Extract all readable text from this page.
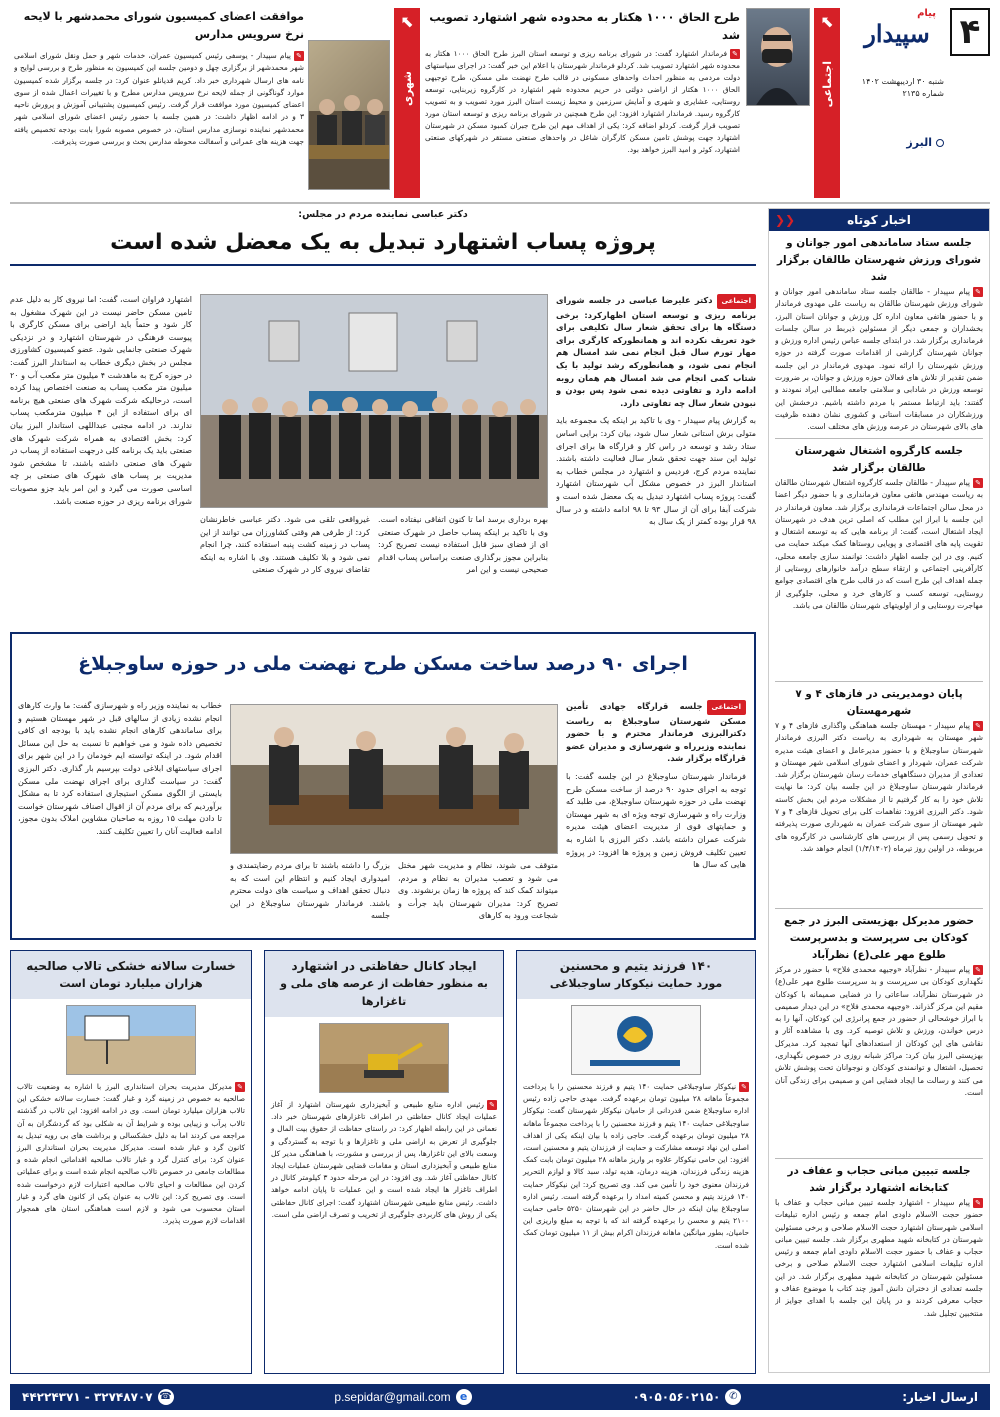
۴
پیام
سپیدار
شنبه ۳۰ اردیبهشت ۱۴۰۲
شماره ۲۱۳۵
البرز
⬉
اجتماعی
طرح الحاق ۱۰۰۰ هکتار به محدوده شهر اشتهارد تصویب شد
✎فرماندار اشتهارد گفت: در شورای برنامه ریزی و توسعه استان البرز طرح الحاق ۱۰۰۰ هکتار به محدوده شهر اشتهارد تصویب شد. کردلو فرماندار شهرستان با اعلام این خبر گفت: در اجرای سیاستهای دولت مردمی به منظور احداث واحدهای مسکونی در قالب طرح نهضت ملی مسکن، طرح توجیهی الحاق ۱۰۰۰ هکتار از اراضی دولتی در حریم محدوده شهر اشتهارد در کارگروه زیربنایی، توسعه روستایی، عشایری و شهری و آمایش سرزمین و محیط زیست استان البرز مورد تصویب و به تصویب کارگروه رسید. فرماندار اشتهارد افزود: این طرح همچنین در شورای برنامه ریزی و توسعه استان مورد تصویب قرار گرفت. کردلو اضافه کرد: یکی از اهداف مهم این طرح جبران کمبود مسکن در شهرستان اشتهارد جهت پوشش تامین مسکن کارگران شاغل در واحدهای صنعتی مستقر در شهرکهای صنعتی اشتهارد، کوثر و امید البرز خواهد بود.
⬉
شهری
موافقت اعضای کمیسیون شورای محمدشهر با لایحه نرخ سرویس مدارس
✎پیام سپیدار - یوسفی رئیس کمیسیون عمران، خدمات شهر و حمل ونقل شورای اسلامی شهر محمدشهر از برگزاری چهل و دومین جلسه این کمیسیون به منظور طرح و بررسی لوایح و نامه های ارسال شهرداری خبر داد. کریم قدیانلو عنوان کرد: در جلسه برگزار شده کمیسیون موارد گوناگونی از جمله لایحه نرخ سرویس مدارس مطرح و با تغییرات اعمال شده از سوی اعضای کمیسیون مورد موافقت قرار گرفت. رئیس کمیسیون پشتیبانی آموزش و پرورش ناحیه ۳ و در ادامه اظهار داشت: در همین جلسه با حضور رئیس اعضای شورای اسلامی شهر محمدشهر نماینده نوسازی مدارس استان، در خصوص مصوبه شورا بابت بودجه تخصیص یافته جهت هزینه های عمرانی و آسفالت محوطه مدارس بحث و بررسی صورت پذیرفت.
❮❮	اخبار کوتاه
جلسه ستاد ساماندهی امور جوانان و شورای ورزش شهرستان طالقان برگزار شد
✎پیام سپیدار - طالقان جلسه ستاد ساماندهی امور جوانان و شورای ورزش شهرستان طالقان به ریاست علی مهدوی فرماندار و با حضور هاتفی معاون اداره کل ورزش و جوانان استان البرز، بخشداران و جمعی دیگر از مسئولین ذیربط در سالن جلسات فرمانداری برگزار شد. در ابتدای جلسه عباس رئیس اداره ورزش و جوانان شهرستان گزارشی از اقدامات صورت گرفته در حوزه ورزش شهرستان را ارائه نمود. مهدوی فرماندار در این جلسه ضمن تقدیر از تلاش های فعالان حوزه ورزش و جوانان، بر ضرورت توسعه ورزش در شادابی و سلامتی جامعه مطالبی ایراد نمودند و گفتند: باید ارتباط مستمر با مردم داشته باشیم. درخشش این ورزشکاران در مسابقات استانی و کشوری نشان دهنده ظرفیت های بالای شهرستان در عرصه ورزش های مختلف است.
جلسه کارگروه اشتغال شهرستان طالقان برگزار شد
✎پیام سپیدار - طالقان جلسه کارگروه اشتغال شهرستان طالقان به ریاست مهندس هاتفی معاون فرمانداری و با حضور دیگر اعضا در محل سالن اجتماعات فرمانداری برگزار شد. معاون فرماندار در این جلسه با ابراز این مطلب که اصلی ترین هدف در شهرستان ایجاد اشتغال است، گفت: از برنامه هایی که به توسعه اشتغال و تقویت پایه های اقتصادی و پویایی روستاها کمک میکند حمایت می کنیم. وی در این جلسه اظهار داشت: توانمند سازی جامعه محلی، کارآفرینی اجتماعی و ارتقاء سطح درآمد خانوارهای روستایی از جمله اهداف این طرح است که در قالب طرح های اقتصادی جوامع روستایی، توسعه کسب و کارهای خرد و محلی، جلوگیری از مهاجرت روستایی و از اولویتهای شهرستان طالقان می باشد.
پایان دومدیریتی در فازهای ۴ و ۷ شهرمهستان
✎پیام سپیدار - مهستان جلسه هماهنگی واگذاری فازهای ۴ و ۷ شهر مهستان به شهرداری به ریاست دکتر البرزی فرماندار شهرستان ساوجبلاغ و با حضور مدیرعامل و اعضای هیئت مدیره شرکت عمران، شهردار و اعضای شورای اسلامی شهر مهستان و تعدادی از مدیران دستگاههای خدمات رسان شهرستان برگزار شد. فرماندار شهرستان ساوجبلاغ در این جلسه بیان کرد: ما نهایت تلاش خود را به کار گرفتیم تا از مشکلات مردم این بخش کاسته شود. دکتر البرزی افزود: تفاهمات کلی برای تحویل فازهای ۴ و ۷ شهر مهستان از سوی شرکت عمران به شهرداری صورت پذیرفته و تحویل رسمی پس از بررسی های کارشناسی در کارگروه های مربوطه، در اولین روز تیرماه (۱/۴/۱۴۰۲) انجام خواهد شد.
حضور مدیرکل بهزیستی البرز در جمع کودکان بی سرپرست و بدسرپرست طلوع مهر علی(ع) نظرآباد
✎پیام سپیدار - نظرآباد «وجیهه محمدی فلاح» با حضور در مرکز نگهداری کودکان بی سرپرست و بد سرپرست طلوع مهر علی(ع) در شهرستان نظرآباد، ساعاتی را در فضایی صمیمانه با کودکان مقیم این مرکز گذراند. «وجیهه محمدی فلاح» در این دیدار صمیمی با ابراز خوشحالی از حضور در جمع پرانرژی این کودکان، آنها را به درس خواندن، ورزش و تلاش توصیه کرد. وی با مشاهده آثار و نقاشی های این کودکان از استعدادهای آنها تمجید کرد. مدیرکل بهزیستی البرز بیان کرد: مراکز شبانه روزی در خصوص نگهداری، تحصیل، اشتغال و توانمندی کودکان و نوجوانان تحت پوشش تلاش می کنند و رسالت ما ایجاد فضایی امن و صمیمی برای زندگی آنان است.
جلسه تبیین مبانی حجاب و عفاف در کتابخانه اشتهارد برگزار شد
✎پیام سپیدار - اشتهارد جلسه تبیین مبانی حجاب و عفاف با حضور حجت الاسلام داودی امام جمعه و رئیس اداره تبلیغات اسلامی شهرستان اشتهارد حجت الاسلام صلاحی و برخی مسئولین شهرستان در کتابخانه شهید مطهری برگزار شد. جلسه تبیین مبانی حجاب و عفاف با حضور حجت الاسلام داودی امام جمعه و رئیس اداره تبلیغات اسلامی اشتهارد حجت الاسلام صلاحی و برخی مسئولین شهرستان در کتابخانه شهید مطهری برگزار شد. در این جلسه تعدادی از دختران دانش آموز چند کتاب با موضوع عفاف و حجاب معرفی کردند و در پایان این جلسه با اهدای جوایز از منتخبین تجلیل شد.
دکتر عباسی نماینده مردم در مجلس:
پروژه پساب اشتهارد تبدیل به یک معضل شده است
اجتماعیدکتر علیرضا عباسی در جلسه شورای برنامه ریزی و توسعه استان اظهارکرد: برخی دستگاه ها برای تحقق شعار سال تکلیفی برای خود تعریف نکرده اند و همانطورکه کارگری برای مهار تورم سال قبل انجام نمی شد امسال هم انجام نمی شود، و همانطورکه رشد تولید با یک شتاب کمی انجام می شد امسال هم همان روبه ادامه دارد و تفاوتی دیده نمی شود پس بودن و نبودن شعار سال چه تفاوتی دارد.
به گزارش پیام سپیدار - وی با تاکید بر اینکه یک مجموعه باید متولی برش استانی شعار سال شود، بیان کرد: برایی اساس ستاد رشد و توسعه در راس کار و قرارگاه ها برای اجرای تولید این سند جهت تحقق شعار سال فعالیت داشته باشند. نماینده مردم کرج، فردیس و اشتهارد در مجلس خطاب به استاندار البرز در خصوص مشکل آب شهرستان اشتهارد گفت: پروژه پساب اشتهارد تبدیل به یک معضل شده است و شرکت آبفا برای آن از سال ۹۳ تا ۹۸ ادامه داشته و در سال ۹۸ قرار بوده کمتر از یک سال به
بهره برداری برسد اما تا کنون اتفاقی نیفتاده است. وی با تاکید بر اینکه پساب حاصل در شهرک صنعتی ای از فضای سبز قابل استفاده نیست تصریح کرد: بنابراین مجوز برگذاری صنعت براساس پساب اقدام صحیحی نیست و این امر
غیرواقعی تلقی می شود. دکتر عباسی خاطرنشان کرد: از طرفی هم وقتی کشاورزان می توانند از این پساب در زمینه کشت پنبه استفاده کنند، چرا انجام نمی شود و بلا تکلیف هستند. وی با اشاره به اینکه تقاضای نیروی کار در شهرک صنعتی
اشتهارد فراوان است، گفت: اما نیروی کار به دلیل عدم تامین مسکن حاضر نیست در این شهرک مشغول به کار شود و حتماً باید اراضی برای مسکن کارگری با پیوست فرهنگی در شهرستان اشتهارد و در نزدیکی شهرک صنعتی جانمایی شود. عضو کمیسیون کشاورزی مجلس در بخش دیگری خطاب به استاندار البرز گفت: در حوزه کرج به ماهدشت ۴ میلیون متر مکعب آب و ۲۰ میلیون متر مکعب پساب به صنعت اختصاص پیدا کرده است، درحالیکه شرکت شهرک های صنعتی هیچ برنامه ای برای استفاده از این ۴ میلیون مترمکعب پساب ندارند. در ادامه مجتبی عبداللهی استاندار البرز بیان کرد: بخش اقتصادی به همراه شرکت شهرک های صنعتی باید یک برنامه کلی درجهت استفاده از پساب در شهرک های صنعتی داشته باشند، تا مشخص شود مدیریت بر پساب های شهرک های صنعتی بر چه اساسی صورت می گیرد و این امر باید جزو مصوبات شورای برنامه ریزی در حوزه صنعت باشد.
اجرای ۹۰ درصد ساخت مسکن طرح نهضت ملی در حوزه ساوجبلاغ
اجتماعیجلسه قرارگاه جهادی تأمین مسکن شهرستان ساوجبلاغ به ریاست دکترالبرزی فرماندار محترم و با حضور نماینده وزیرراه و شهرسازی و مدیران عضو قرارگاه برگزار شد.
فرماندار شهرستان ساوجبلاغ در این جلسه گفت: با توجه به اجرای حدود ۹۰ درصد از ساخت مسکن طرح نهضت ملی در حوزه شهرستان ساوجبلاغ، می طلبد که وزارت راه و شهرسازی توجه ویژه ای به شهر مهستان و حمایتهای قوی از مدیریت اعضای هیئت مدیره شرکت عمران داشته باشد. دکتر البرزی با اشاره به تعیین تکلیف فروش زمین و پروژه ها افزود: در پروژه هایی که سال ها
متوقف می شوند، نظام و مدیریت شهر مختل می شود و تعصب مدیران به نظام و مردم، میتواند کمک کند که پروژه ها زمان برنشوند. وی تصریح کرد: مدیران شهرستان باید جرأت و شجاعت ورود به کارهای
بزرگ را داشته باشند تا برای مردم رضایتمندی و امیدواری ایجاد کنیم و انتظام این است که به دنبال تحقق اهداف و سیاست های دولت محترم باشند. فرماندار شهرستان ساوجبلاغ در این جلسه
خطاب به نماینده وزیر راه و شهرسازی گفت: ما وارث کارهای انجام نشده زیادی از سالهای قبل در شهر مهستان هستیم و برای ساماندهی کارهای انجام نشده باید با بودجه ای کافی تخصیص داده شود و می خواهیم تا نسبت به حل این مسائل اقدام شود. در اینکه توانسته ایم خودمان را در این شهر برای اجرای سیاستهای ابلاغی دولت بپرسیم بار گذاری. دکتر البرزی گفت: در سیاست گذاری برای اجرای نهضت ملی مسکن بایستی از الگوی مسکن استیجاری استفاده کرد تا به مشکل برآوردیم که برای مردم آن از اقوال اصناف شهرستان خواست تا دادن مهلت ۱۵ روزه به صاحبان مشاوین املاک بدون مجوز، ادامه فعالیت آنان را تعیین تکلیف کنند.
۱۴۰ فرزند یتیم و محسنین
مورد حمایت نیکوکار ساوجبلاغی
✎نیکوکار ساوجبلاغی حمایت ۱۴۰ یتیم و فرزند محسنین را با پرداخت مجموعاً ماهانه ۲۸ میلیون تومان برعهده گرفت. مهدی حاجی زاده رئیس اداره ساوجبلاغ ضمن قدردانی از حامیان نیکوکار شهرستان گفت: نیکوکار ساوجبلاغی حمایت ۱۴۰ یتیم و فرزند محسنین را با پرداخت مجموعاً ماهانه ۲۸ میلیون تومان برعهده گرفت. حاجی زاده با بیان اینکه یکی از اهداف اصلی این نهاد توسعه مشارکت و حمایت از فرزندان یتیم و محسنین است، افزود: این حامی نیکوکار علاوه بر واریز ماهانه ۲۸ میلیون تومان بابت کمک هزینه زندگی فرزندان، هزینه درمان، هدیه تولد، سبد کالا و لوازم التحریر فرزندان معنوی خود را تأمین می کند. وی تصریح کرد: این نیکوکار حمایت ۱۴۰ فرزند یتیم و محسن کمیته امداد را برعهده گرفته است. رئیس اداره ساوجبلاغ بیان اینکه در حال حاضر در این شهرستان ۵۲۵۰ حامی حمایت ۲۱۰۰ یتیم و محسن را برعهده گرفته اند که با توجه به مبلغ واریزی این حامیان، بطور میانگین ماهانه فرزندان اکرام بیش از ۱۱ میلیون تومان کمک شده است.
ایجاد کانال حفاظتی در اشتهارد
به منظور حفاظت از عرصه های ملی و تاغزارها
✎رئیس اداره منابع طبیعی و آبخیزداری شهرستان اشتهارد از آغاز عملیات ایجاد کانال حفاظتی در اطراف تاغزارهای شهرستان خبر داد. نعمانی در این رابطه اظهار کرد: در راستای حفاظت از حقوق بیت المال و جلوگیری از تعرض به اراضی ملی و تاغزارها و با توجه به گستردگی و وسعت بالای این تاغزارها، پس از بررسی و مشورت، با هماهنگی مدیر کل منابع طبیعی و آبخیزداری استان و مقامات قضایی شهرستان عملیات ایجاد کانال حفاظتی آغاز شد. وی افزود: در این مرحله حدود ۳ کیلومتر کانال در اطراف تاغزار ها ایجاد شده است و این عملیات تا پایان ادامه خواهد داشت. رئیس منابع طبیعی شهرستان اشتهارد گفت: اجرای کانال حفاظتی یکی از روش های کاربردی جلوگیری از تخریب و تصرف اراضی ملی است.
خسارت سالانه خشکی تالاب صالحیه
هزاران میلیارد تومان است
✎مدیرکل مدیریت بحران استانداری البرز با اشاره به وضعیت تالاب صالحیه به خصوص در زمینه گرد و غبار گفت: خسارت سالانه خشکی این تالاب هزاران میلیارد تومان است. وی در ادامه افزود: این تالاب در گذشته تالاب پرآب و زیبایی بوده و شرایط آن به شکلی بود که گردشگران به آن مراجعه می کردند اما به دلیل خشکسالی و برداشت های بی رویه تبدیل به کانون گرد و غبار شده است. مدیرکل مدیریت بحران استانداری البرز عنوان کرد: برای کنترل گرد و غبار تالاب صالحیه اقداماتی انجام شده و مطالعات جامعی در خصوص تالاب صالحیه انجام شده است و برای عملیاتی کردن این مطالعات و احیای تالاب صالحیه اعتبارات لازم درخواست شده است. وی تصریح کرد: این تالاب به عنوان یکی از کانون های گرد و غبار استان محسوب می شود و لازم است هماهنگی استان های همجوار اقدامات لازم صورت پذیرد.
ارسال اخبار:
✆
۰۹۰۵۰۵۶۰۲۱۵۰
e
p.sepidar@gmail.com
☎
۳۲۷۴۸۷۰۷ - ۴۴۲۲۴۳۷۱
